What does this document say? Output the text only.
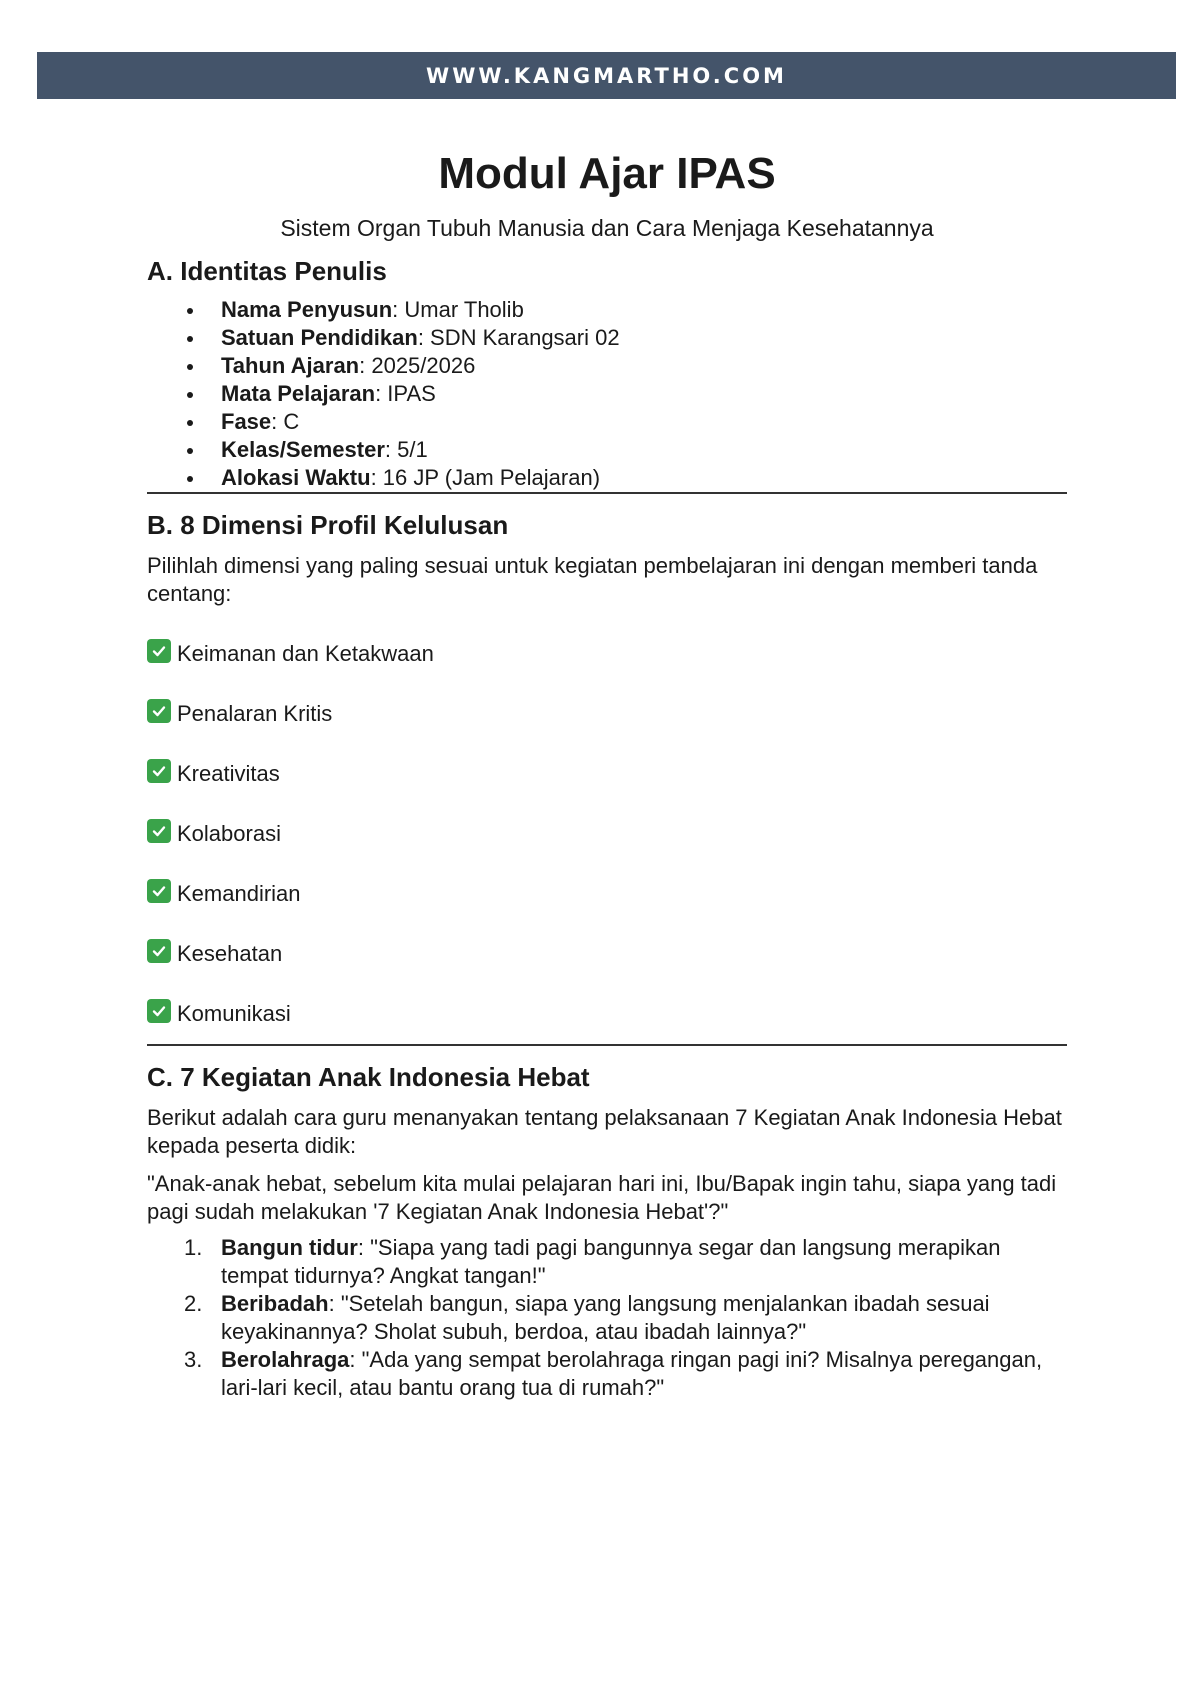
WWW.KANGMARTHO.COM
Modul Ajar IPAS
Sistem Organ Tubuh Manusia dan Cara Menjaga Kesehatannya
A. Identitas Penulis
Nama Penyusun: Umar Tholib
Satuan Pendidikan: SDN Karangsari 02
Tahun Ajaran: 2025/2026
Mata Pelajaran: IPAS
Fase: C
Kelas/Semester: 5/1
Alokasi Waktu: 16 JP (Jam Pelajaran)
B. 8 Dimensi Profil Kelulusan

Pilihlah dimensi yang paling sesuai untuk kegiatan pembelajaran ini dengan memberi tanda centang:

Keimanan dan Ketakwaan
Penalaran Kritis
Kreativitas
Kolaborasi
Kemandirian
Kesehatan
Komunikasi
C. 7 Kegiatan Anak Indonesia Hebat

Berikut adalah cara guru menanyakan tentang pelaksanaan 7 Kegiatan Anak Indonesia Hebat kepada peserta didik:

"Anak-anak hebat, sebelum kita mulai pelajaran hari ini, Ibu/Bapak ingin tahu, siapa yang tadi pagi sudah melakukan '7 Kegiatan Anak Indonesia Hebat'?"

1. Bangun tidur: "Siapa yang tadi pagi bangunnya segar dan langsung merapikan tempat tidurnya? Angkat tangan!"
2. Beribadah: "Setelah bangun, siapa yang langsung menjalankan ibadah sesuai keyakinannya? Sholat subuh, berdoa, atau ibadah lainnya?"
3. Berolahraga: "Ada yang sempat berolahraga ringan pagi ini? Misalnya peregangan, lari-lari kecil, atau bantu orang tua di rumah?"
